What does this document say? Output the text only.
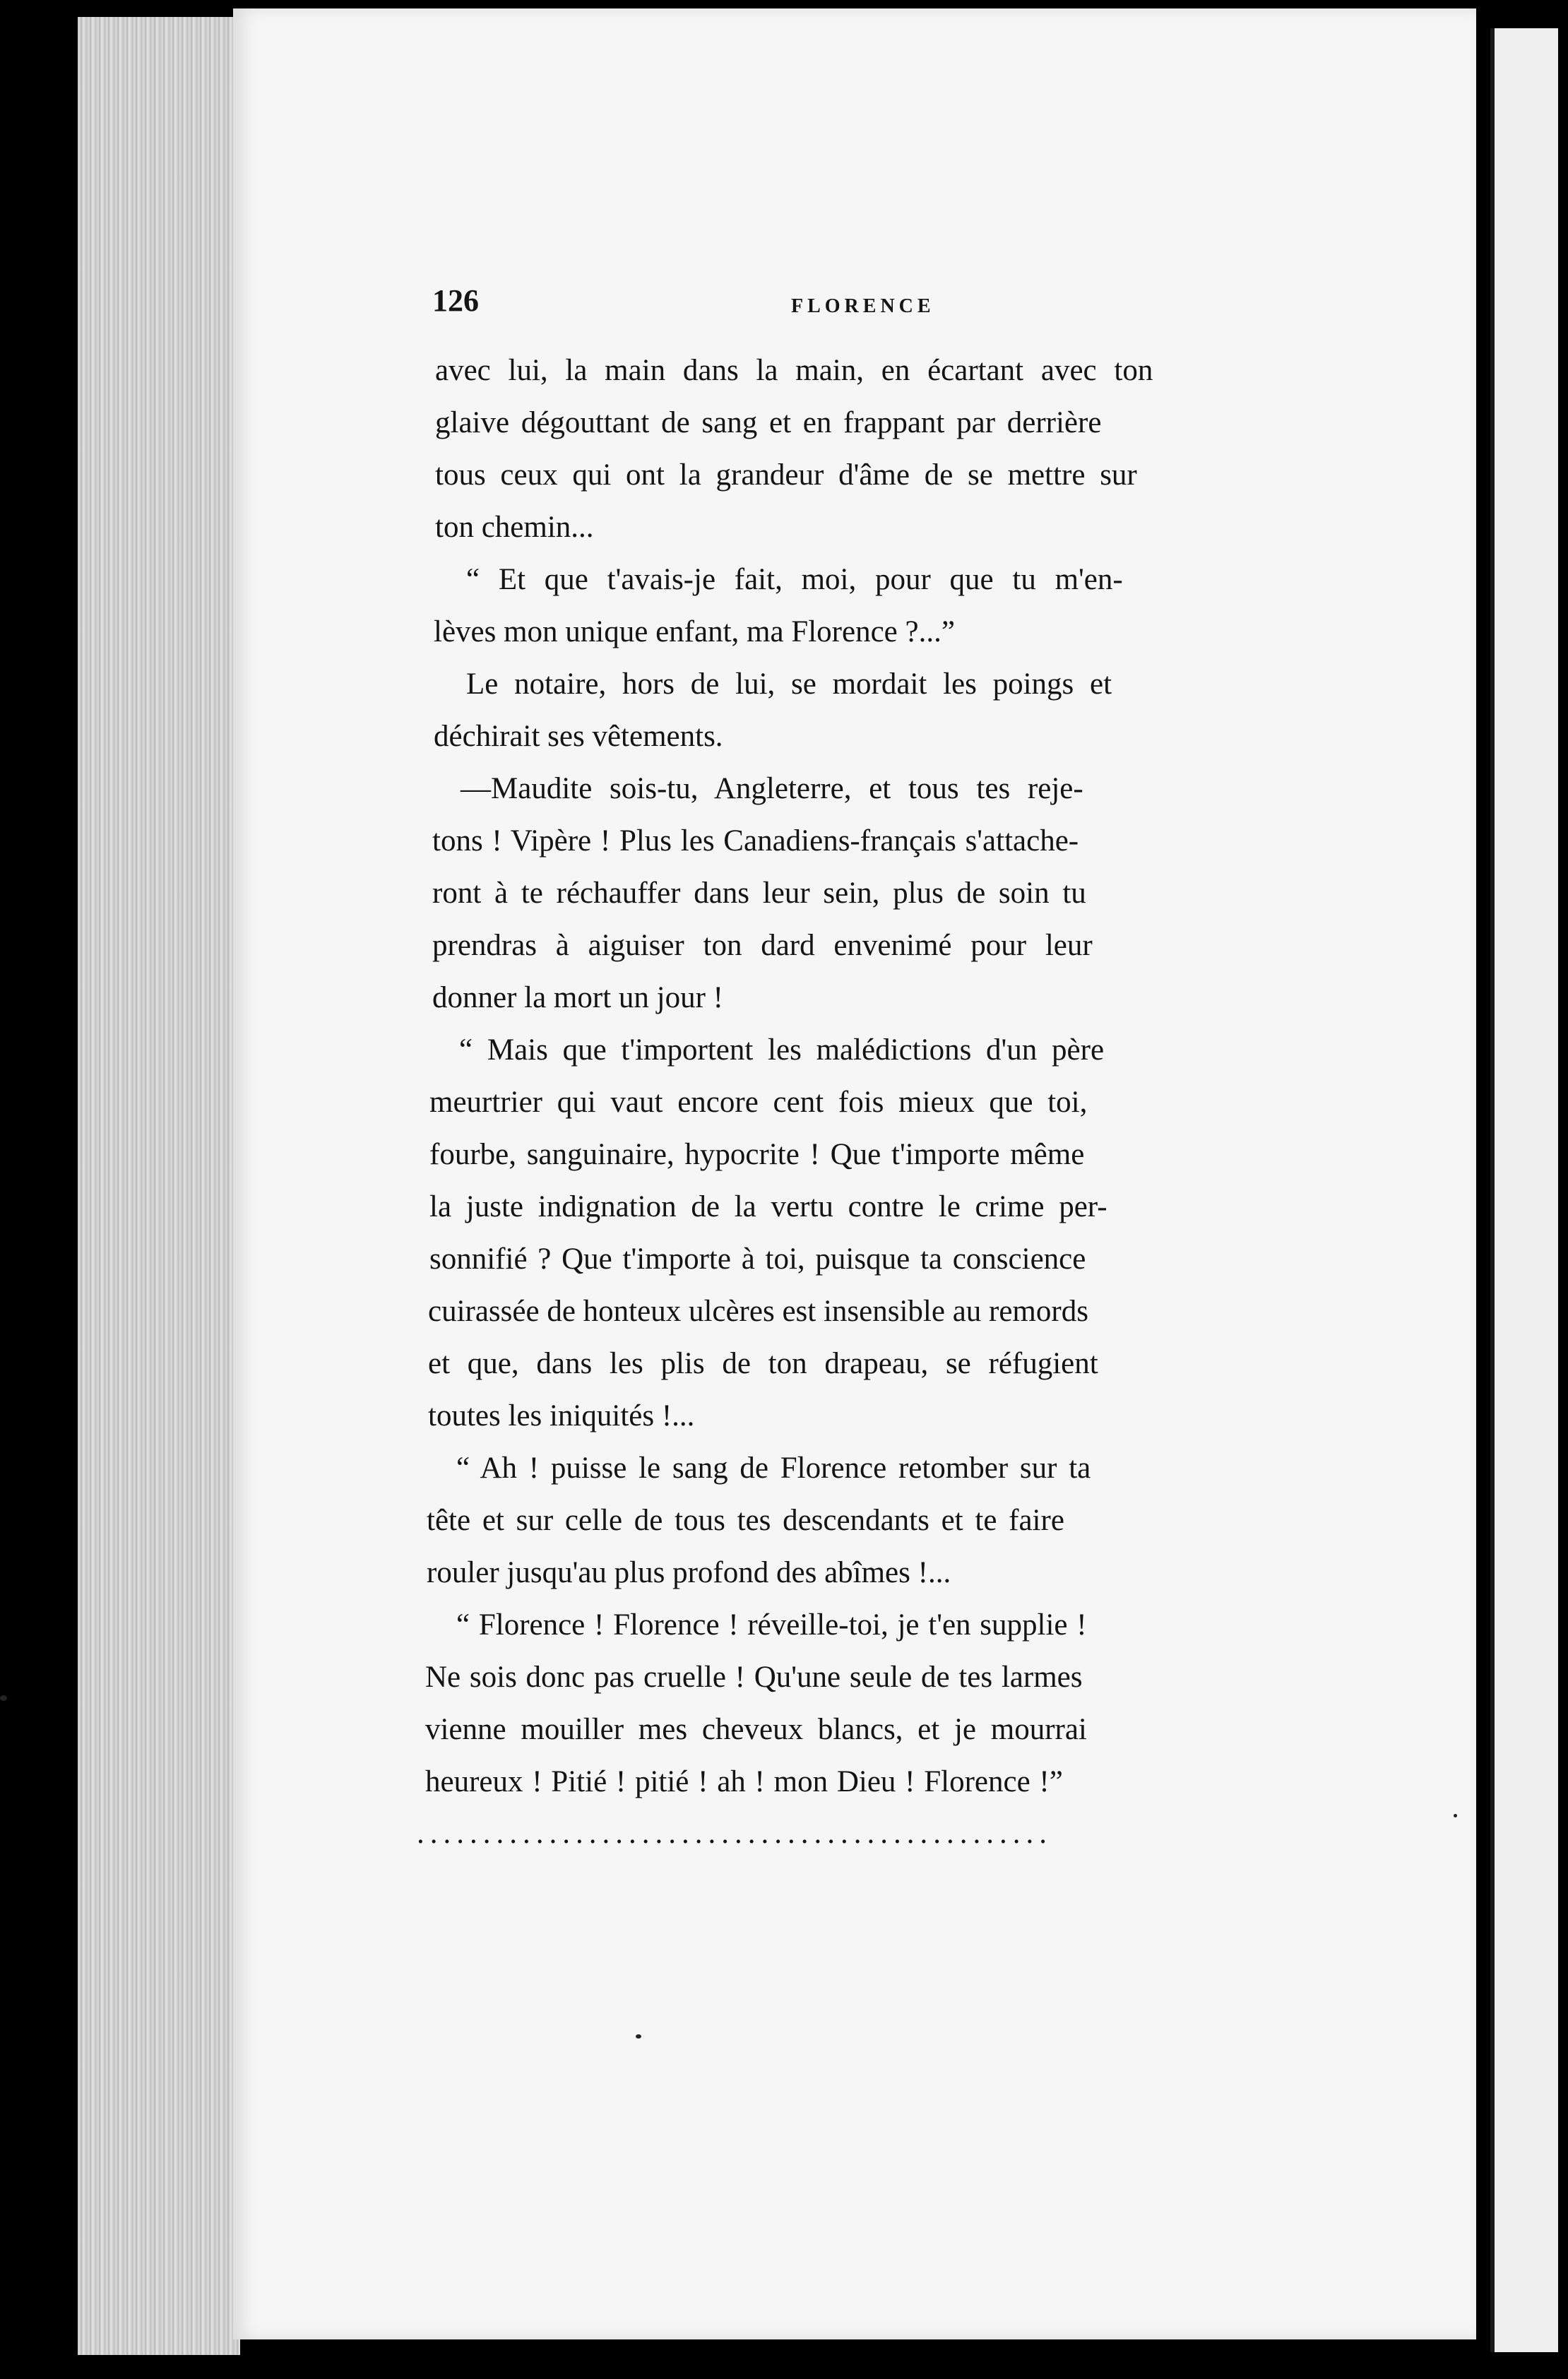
126	FLORENCE

avec lui, la main dans la main, en écartant avec ton
glaive dégouttant de sang et en frappant par derrière
tous ceux qui ont la grandeur d'âme de se mettre sur
ton chemin...

“ Et que t'avais-je fait, moi, pour que tu m'en-
lèves mon unique enfant, ma Florence ?...”

Le notaire, hors de lui, se mordait les poings et
déchirait ses vêtements.

—Maudite sois-tu, Angleterre, et tous tes reje-
tons ! Vipère ! Plus les Canadiens-français s'attache-
ront à te réchauffer dans leur sein, plus de soin tu
prendras à aiguiser ton dard envenimé pour leur
donner la mort un jour !

“ Mais que t'importent les malédictions d'un père
meurtrier qui vaut encore cent fois mieux que toi,
fourbe, sanguinaire, hypocrite ! Que t'importe même
la juste indignation de la vertu contre le crime per-
sonnifié ? Que t'importe à toi, puisque ta conscience
cuirassée de honteux ulcères est insensible au remords
et que, dans les plis de ton drapeau, se réfugient
toutes les iniquités !...

“ Ah ! puisse le sang de Florence retomber sur ta
tête et sur celle de tous tes descendants et te faire
rouler jusqu'au plus profond des abîmes !...

“ Florence ! Florence ! réveille-toi, je t'en supplie !
Ne sois donc pas cruelle ! Qu'une seule de tes larmes
vienne mouiller mes cheveux blancs, et je mourrai
heureux ! Pitié ! pitié ! ah ! mon Dieu ! Florence !”

................................................
